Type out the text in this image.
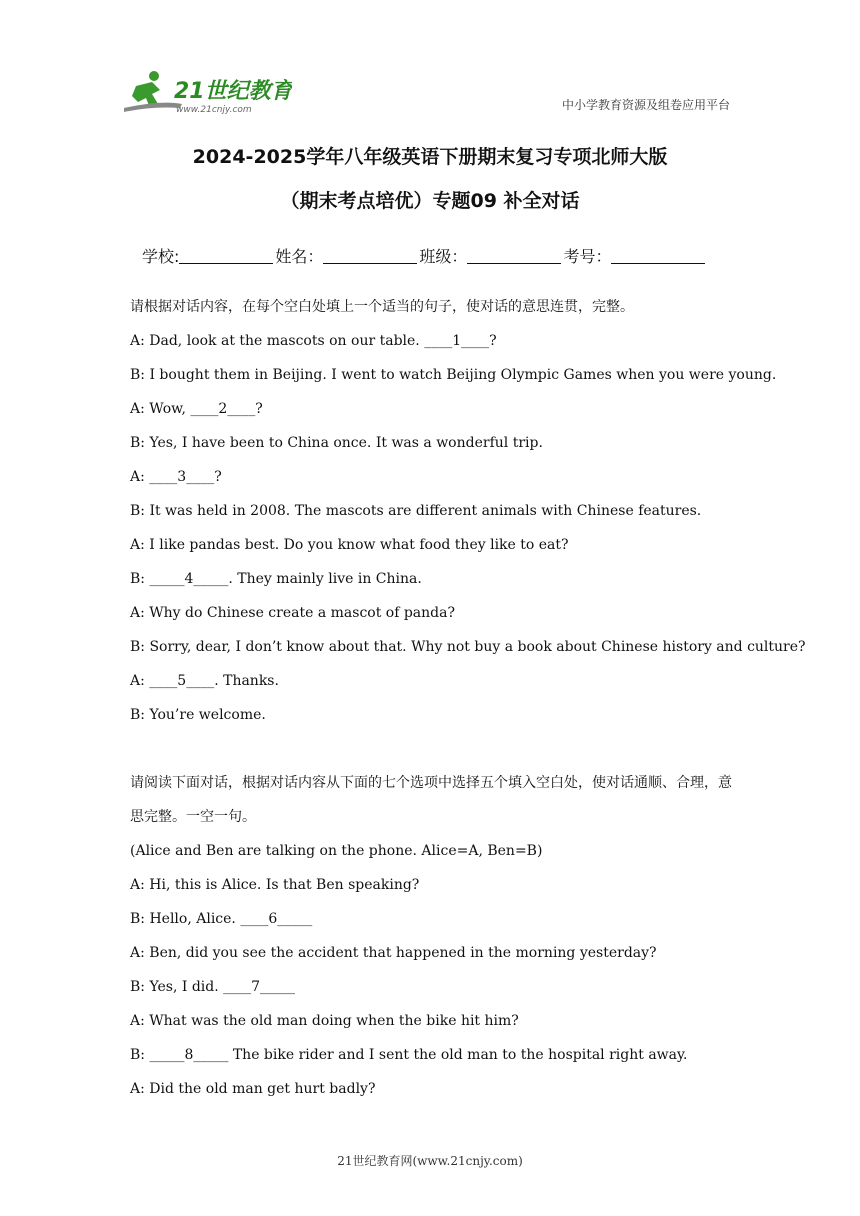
21世纪教育
www.21cnjy.com	中小学教育资源及组卷应用平台
2024-2025学年八年级英语下册期末复习专项北师大版
（期末考点培优）专题09 补全对话
学校:	姓名：	班级：	考号：
请根据对话内容，在每个空白处填上一个适当的句子，使对话的意思连贯，完整。
A: Dad, look at the mascots on our table. ____1____?
B: I bought them in Beijing. I went to watch Beijing Olympic Games when you were young.
A: Wow, ____2____?
B: Yes, I have been to China once. It was a wonderful trip.
A: ____3____?
B: It was held in 2008. The mascots are different animals with Chinese features.
A: I like pandas best. Do you know what food they like to eat?
B: _____4_____. They mainly live in China.
A: Why do Chinese create a mascot of panda?
B: Sorry, dear, I don’t know about that. Why not buy a book about Chinese history and culture?
A: ____5____. Thanks.
B: You’re welcome.
请阅读下面对话，根据对话内容从下面的七个选项中选择五个填入空白处，使对话通顺、合理，意思完整。一空一句。
(Alice and Ben are talking on the phone. Alice=A, Ben=B)
A: Hi, this is Alice. Is that Ben speaking?
B: Hello, Alice. ____6_____
A: Ben, did you see the accident that happened in the morning yesterday?
B: Yes, I did. ____7_____
A: What was the old man doing when the bike hit him?
B: _____8_____ The bike rider and I sent the old man to the hospital right away.
A: Did the old man get hurt badly?
21世纪教育网(www.21cnjy.com)
